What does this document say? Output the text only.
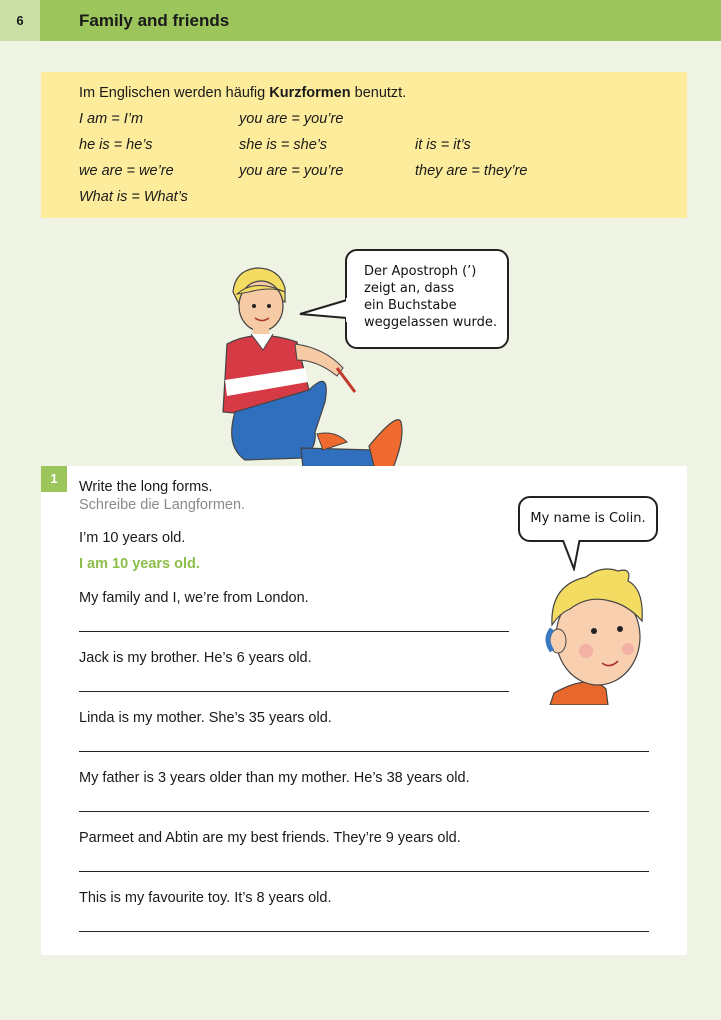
6	Family and friends
Im Englischen werden häufig Kurzformen benutzt.
I am = I’m	you are = you’re
he is = he’s	she is = she’s	it is = it’s
we are = we’re	you are = you’re	they are = they’re
What is = What’s
Der Apostroph (’)
zeigt an, dass
ein Buchstabe
weggelassen wurde.
1
Write the long forms.
Schreibe die Langformen.
I’m 10 years old.
I am 10 years old.
My family and I, we’re from London.
Jack is my brother. He’s 6 years old.
Linda is my mother. She’s 35 years old.
My father is 3 years older than my mother. He’s 38 years old.
Parmeet and Abtin are my best friends. They’re 9 years old.
This is my favourite toy. It’s 8 years old.
My name is Colin.
